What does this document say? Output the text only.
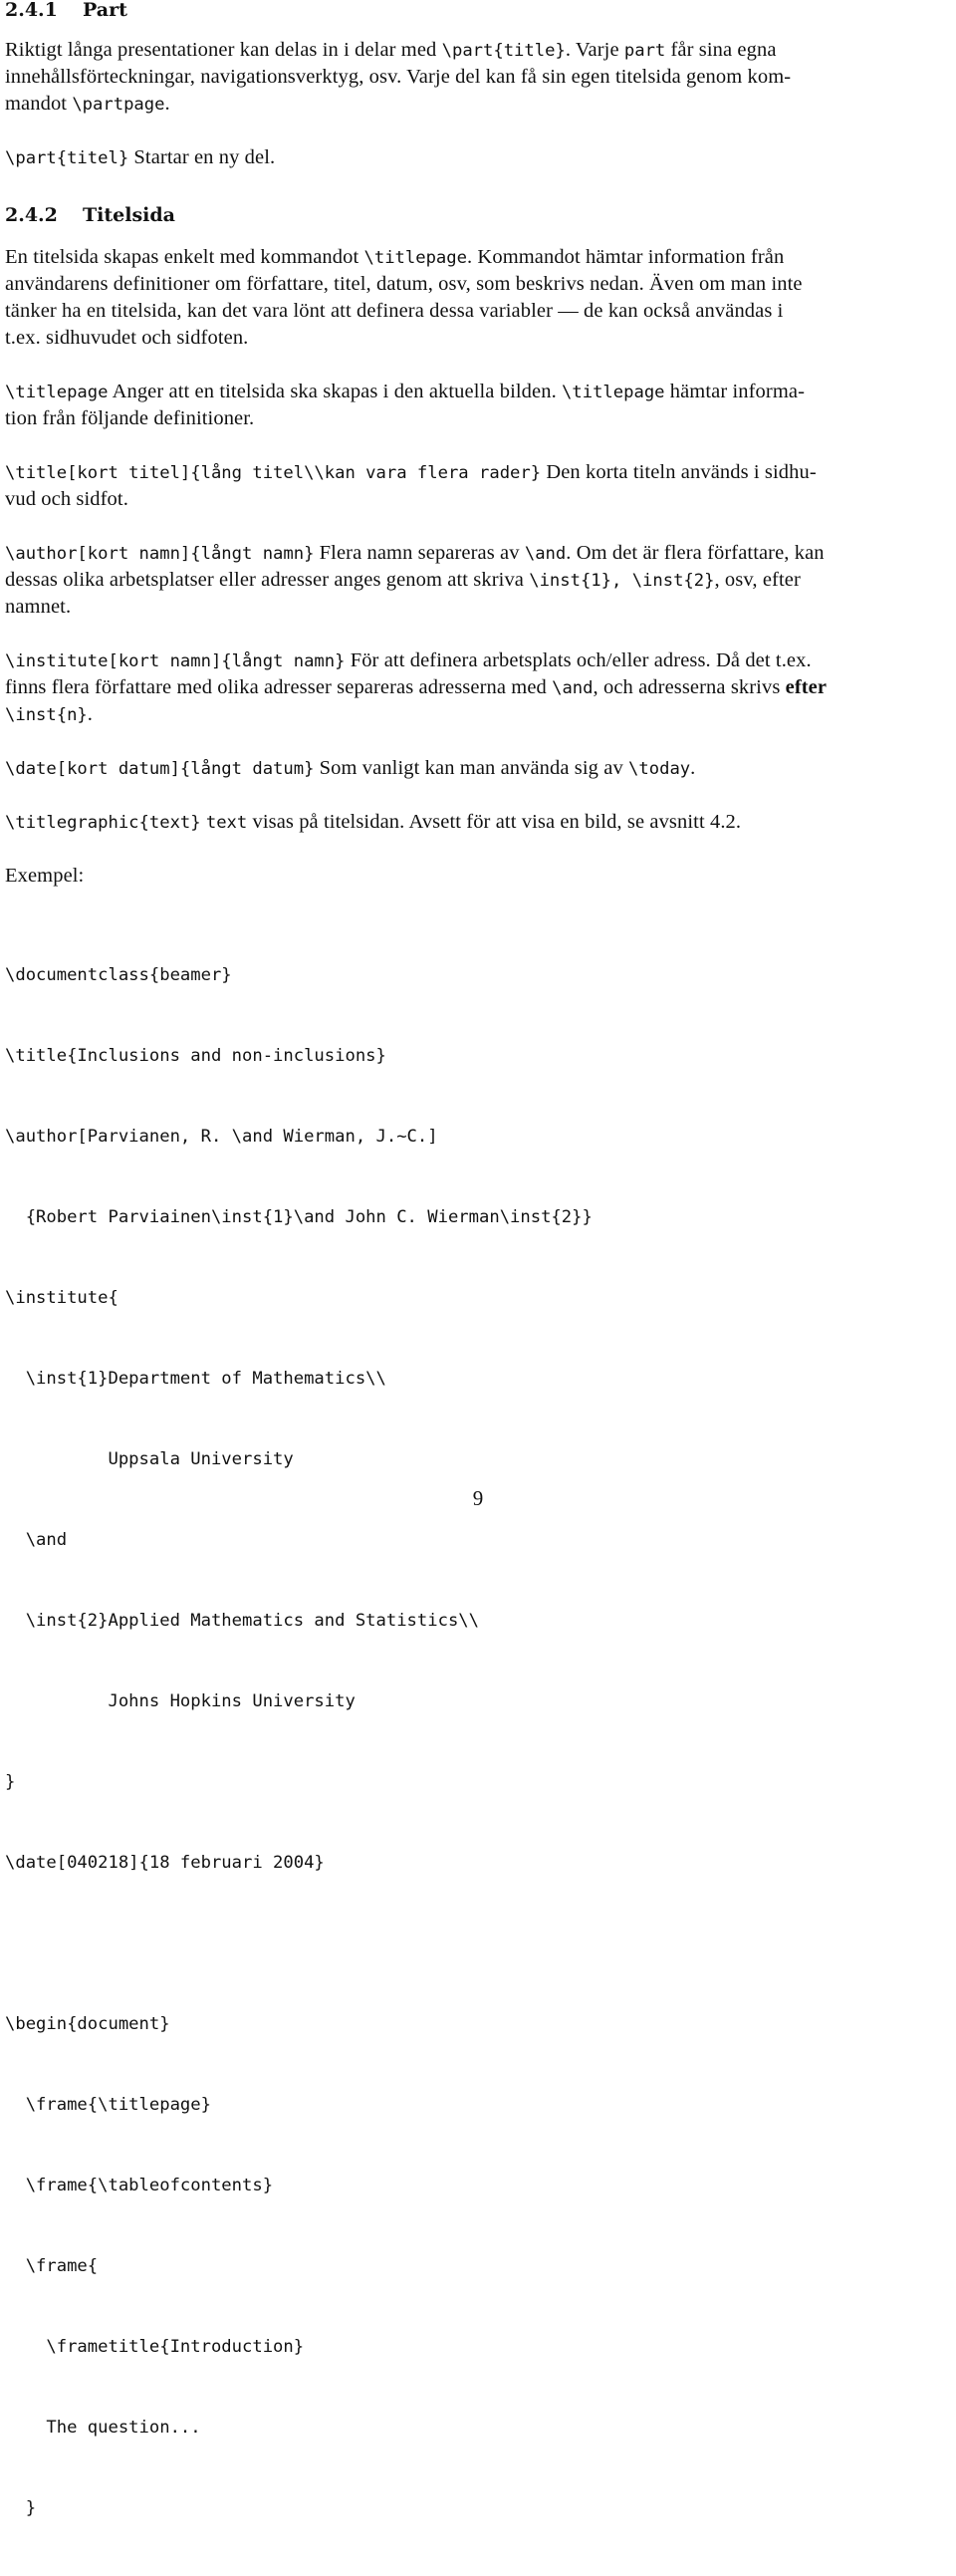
2.4.1 Part
Riktigt långa presentationer kan delas in i delar med \part{title}. Varje part får sina egna
innehållsförteckningar, navigationsverktyg, osv. Varje del kan få sin egen titelsida genom kom-
mandot \partpage.
\part{titel} Startar en ny del.
2.4.2 Titelsida
En titelsida skapas enkelt med kommandot \titlepage. Kommandot hämtar information från
användarens definitioner om författare, titel, datum, osv, som beskrivs nedan. Även om man inte
tänker ha en titelsida, kan det vara lönt att definera dessa variabler — de kan också användas i
t.ex. sidhuvudet och sidfoten.
\titlepage Anger att en titelsida ska skapas i den aktuella bilden. \titlepage hämtar informa-
tion från följande definitioner.
\title[kort titel]{lång titel\\kan vara flera rader} Den korta titeln används i sidhu-
vud och sidfot.
\author[kort namn]{långt namn} Flera namn separeras av \and. Om det är flera författare, kan
dessas olika arbetsplatser eller adresser anges genom att skriva \inst{1}, \inst{2}, osv, efter
namnet.
\institute[kort namn]{långt namn} För att definera arbetsplats och/eller adress. Då det t.ex.
finns flera författare med olika adresser separeras adresserna med \and, och adresserna skrivs efter
\inst{n}.
\date[kort datum]{långt datum} Som vanligt kan man använda sig av \today.
\titlegraphic{text} text visas på titelsidan. Avsett för att visa en bild, se avsnitt 4.2.
Exempel:

\documentclass{beamer}

\title{Inclusions and non-inclusions}

\author[Parvianen, R. \and Wierman, J.~C.]

{Robert Parviainen\inst{1}\and John C. Wierman\inst{2}}

\institute{

\inst{1}Department of Mathematics\\

Uppsala University

\and

\inst{2}Applied Mathematics and Statistics\\

Johns Hopkins University

}

\date[040218]{18 februari 2004}

\begin{document}

\frame{\titlepage}

\frame{\tableofcontents}

\frame{

\frametitle{Introduction}

The question...

}

9
